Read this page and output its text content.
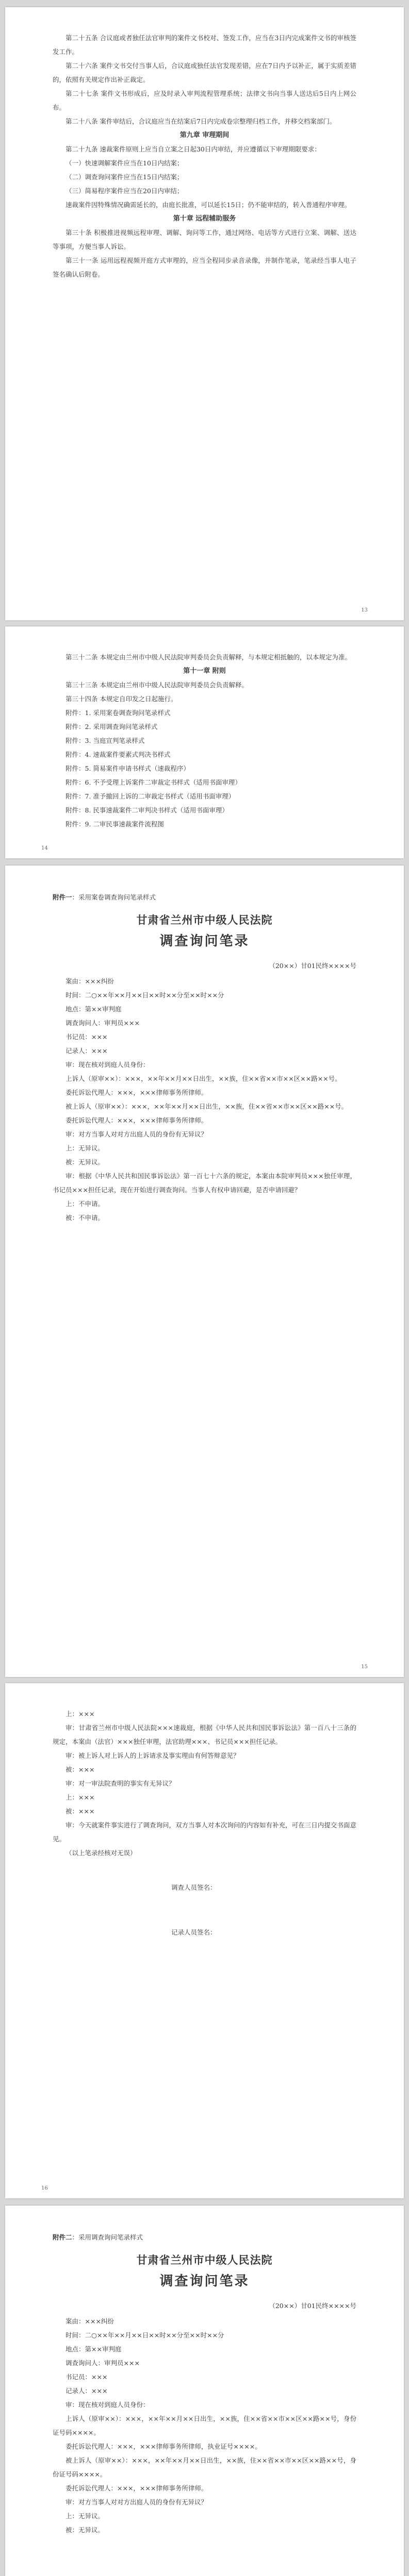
第二十五条 合议庭或者独任法官审判的案件文书校对、签发工作，应当在3日内完成案件文书的审核签发工作。

第二十六条 案件文书交付当事人后，合议庭或独任法官发现差错，应在7日内予以补正，属于实质差错的，依照有关规定作出补正裁定。

第二十七条 案件文书形成后，应及时录入审判流程管理系统；法律文书向当事人送达后5日内上网公布。

第二十八条 案件审结后，合议庭应当在结案后7日内完成卷宗整理归档工作，并移交档案部门。

第九章 审理期间

第二十九条 速裁案件原则上应当自立案之日起30日内审结，并应遵循以下审理期限要求：

（一）快速调解案件应当在10日内结案；

（二）调查询问案件应当在15日内结案；

（三）简易程序案件应当在20日内审结；

速裁案件因特殊情况确需延长的，由庭长批准，可以延长15日；仍不能审结的，转入普通程序审理。

第十章 远程辅助服务

第三十条 积极推进视频远程审理、调解、询问等工作，通过网络、电话等方式进行立案、调解、送达等事项，方便当事人诉讼。

第三十一条 运用远程视频开庭方式审理的，应当全程同步录音录像，并制作笔录，笔录经当事人电子签名确认后附卷。

13

第三十二条 本规定由兰州市中级人民法院审判委员会负责解释，与本规定相抵触的，以本规定为准。

第十一章 附则

第三十三条 本规定由兰州市中级人民法院审判委员会负责解释。

第三十四条 本规定自印发之日起施行。

附件：1. 采用案卷调查询问笔录样式

附件：2. 采用调查询问笔录样式

附件：3. 当庭宣判笔录样式

附件：4. 速裁案件要素式判决书样式

附件：5. 简易案件申请书样式（速裁程序）

附件：6. 不予受理上诉案件二审裁定书样式（适用书面审理）

附件：7. 准予撤回上诉的二审裁定书样式（适用书面审理）

附件：8. 民事速裁案件二审判决书样式（适用书面审理）

附件：9. 二审民事速裁案件流程图

14
附件一：采用案卷调查询问笔录样式
甘肃省兰州市中级人民法院
调查询问笔录
（20××）甘01民终××××号

案由：×××纠纷

时间：二○××年××月××日××时××分至××时××分

地点：第××审判庭

调查询问人：审判员×××

书记员：×××

记录人：×××

审：现在核对到庭人员身份：

上诉人（原审××）：×××，××年××月××日出生，××族，住××省××市××区××路××号。

委托诉讼代理人：×××，×××律师事务所律师。

被上诉人（原审××）：×××，××年××月××日出生，××族，住××省××市××区××路××号。

委托诉讼代理人：×××，×××律师事务所律师。

审：对方当事人对对方出庭人员的身份有无异议？

上：无异议。

被：无异议。

审：根据《中华人民共和国民事诉讼法》第一百七十六条的规定，本案由本院审判员×××独任审理，书记员×××担任记录，现在开始进行调查询问。当事人有权申请回避，是否申请回避？

上：不申请。

被：不申请。

15

上：×××

审：甘肃省兰州市中级人民法院×××速裁庭，根据《中华人民共和国民事诉讼法》第一百八十三条的规定，本案由（法官）×××独任审理，法官助理×××、书记员×××担任记录。

审：被上诉人对上诉人的上诉请求及事实理由有何答辩意见？

被：×××

审：对一审法院查明的事实有无异议？

上：×××

被：×××

审：今天就案件事实进行了调查询问，双方当事人对本次询问的内容如有补充，可在三日内提交书面意见。

（以上笔录经核对无误）

调查人员签名：

记录人员签名：

16
附件二：采用调查询问笔录样式
甘肃省兰州市中级人民法院
调查询问笔录
（20××）甘01民终××××号

案由：×××纠纷

时间：二○××年××月××日××时××分至××时××分

地点：第××审判庭

调查询问人：审判员×××

书记员：×××

记录人：×××

审：现在核对到庭人员身份：

上诉人（原审××）：×××，××年××月××日出生，××族，住××省××市××区××路××号，身份证号码××××。

委托诉讼代理人：×××，×××律师事务所律师，执业证号××××。

被上诉人（原审××）：×××，××年××月××日出生，××族，住××省××市××区××路××号，身份证号码××××。

委托诉讼代理人：×××，×××律师事务所律师。

审：对方当事人对对方出庭人员的身份有无异议？

上：无异议。

被：无异议。
